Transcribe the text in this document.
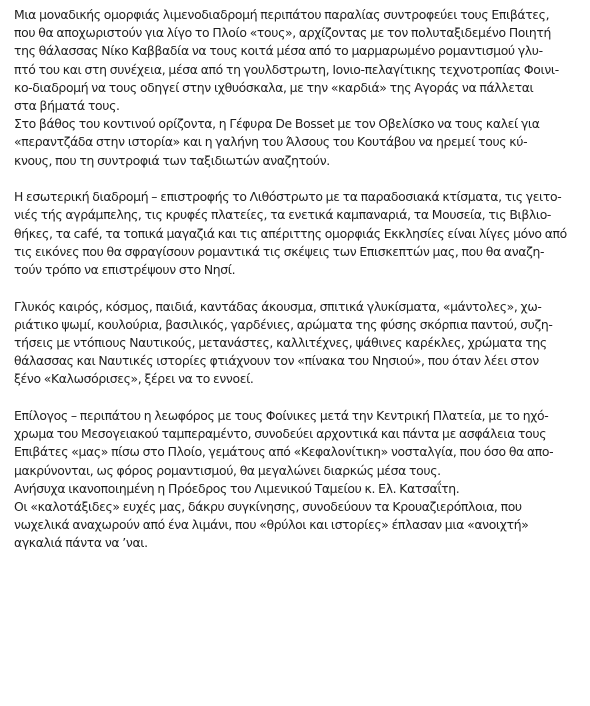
Μια μοναδικής ομορφιάς λιμενοδιαδρομή περιπάτου παραλίας συντροφεύει τους Επιβάτες,
που θα αποχωριστούν για λίγο το Πλοίο «τους», αρχίζοντας με τον πολυταξιδεμένο Ποιητή
της θάλασσας Νίκο Καββαδία να τους κοιτά μέσα από το μαρμαρωμένο ρομαντισμού γλυ-
πτό του και στη συνέχεια, μέσα από τη γουλδστρωτη, Ιονιο-πελαγίτικης τεχνοτροπίας Φοινι-
κο-διαδρομή να τους οδηγεί στην ιχθυόσκαλα, με την «καρδιά» της Αγοράς να πάλλεται
στα βήματά τους.
Στο βάθος του κοντινού ορίζοντα, η Γέφυρα De Bosset με τον Οβελίσκο να τους καλεί για
«περαντζάδα στην ιστορία» και η γαλήνη του Άλσους του Κουτάβου να ηρεμεί τους κύ-
κνους, που τη συντροφιά των ταξιδιωτών αναζητούν.
Η εσωτερική διαδρομή – επιστροφής το Λιθόστρωτο με τα παραδοσιακά κτίσματα, τις γειτο-
νιές τής αγράμπελης, τις κρυφές πλατείες, τα ενετικά καμπαναριά, τα Μουσεία, τις Βιβλιο-
θήκες, τα café, τα τοπικά μαγαζιά και τις απέριττης ομορφιάς Εκκλησίες είναι λίγες μόνο από
τις εικόνες που θα σφραγίσουν ρομαντικά τις σκέψεις των Επισκεπτών μας, που θα αναζη-
τούν τρόπο να επιστρέψουν στο Νησί.
Γλυκός καιρός, κόσμος, παιδιά, καντάδας άκουσμα, σπιτικά γλυκίσματα, «μάντολες», χω-
ριάτικο ψωμί, κουλούρια, βασιλικός, γαρδένιες, αρώματα της φύσης σκόρπια παντού, συζη-
τήσεις με ντόπιους Ναυτικούς, μετανάστες, καλλιτέχνες, ψάθινες καρέκλες, χρώματα της
θάλασσας και Ναυτικές ιστορίες φτιάχνουν τον «πίνακα του Νησιού», που όταν λέει στον
ξένο «Καλωσόρισες», ξέρει να το εννοεί.
Επίλογος – περιπάτου η λεωφόρος με τους Φοίνικες μετά την Κεντρική Πλατεία, με το ηχό-
χρωμα του Μεσογειακού ταμπεραμέντο, συνοδεύει αρχοντικά και πάντα με ασφάλεια τους
Επιβάτες «μας» πίσω στο Πλοίο, γεμάτους από «Κεφαλονίτικη» νοσταλγία, που όσο θα απο-
μακρύνονται, ως φόρος ρομαντισμού, θα μεγαλώνει διαρκώς μέσα τους.
Ανήσυχα ικανοποιημένη η Πρόεδρος του Λιμενικού Ταμείου κ. Ελ. Κατσαΐτη.
Οι «καλοτάξιδες» ευχές μας, δάκρυ συγκίνησης, συνοδεύουν τα Κρουαζιερόπλοια, που
νωχελικά αναχωρούν από ένα λιμάνι, που «θρύλοι και ιστορίες» έπλασαν μια «ανοιχτή»
αγκαλιά πάντα να ’ναι.
